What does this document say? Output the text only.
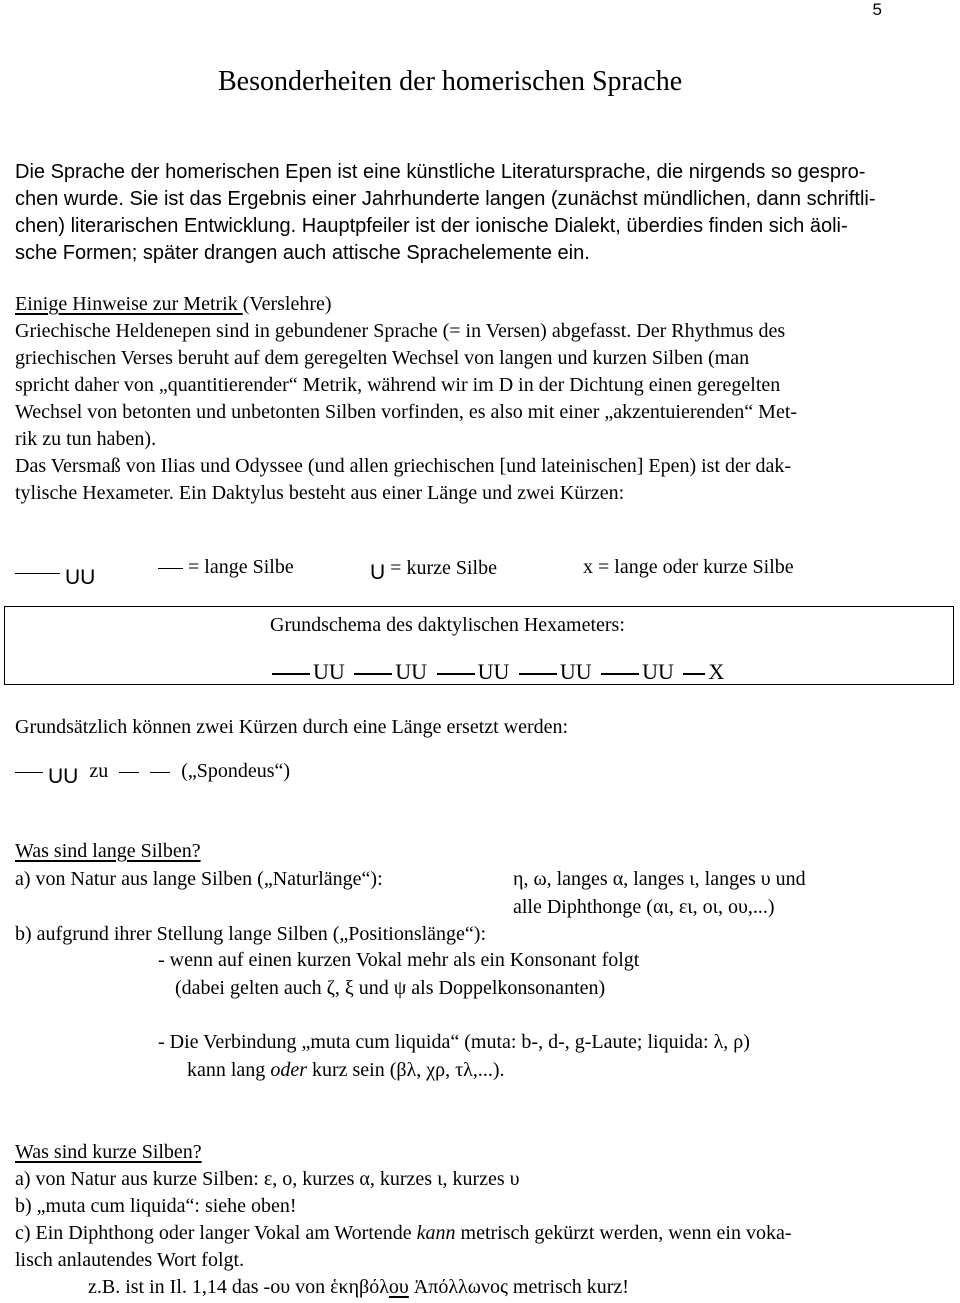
5
Besonderheiten der homerischen Sprache
Die Sprache der homerischen Epen ist eine künstliche Literatursprache, die nirgends so gespro-
chen wurde. Sie ist das Ergebnis einer Jahrhunderte langen (zunächst mündlichen, dann schriftli-
chen) literarischen Entwicklung. Hauptpfeiler ist der ionische Dialekt, überdies finden sich äoli-
sche Formen; später drangen auch attische Sprachelemente ein.
Einige Hinweise zur Metrik (Verslehre)
Griechische Heldenepen sind in gebundener Sprache (= in Versen) abgefasst. Der Rhythmus des
griechischen Verses beruht auf dem geregelten Wechsel von langen und kurzen Silben (man
spricht daher von „quantitierender“ Metrik, während wir im D in der Dichtung einen geregelten
Wechsel von betonten und unbetonten Silben vorfinden, es also mit einer „akzentuierenden“ Met-
rik zu tun haben).
Das Versmaß von Ilias und Odyssee (und allen griechischen [und lateinischen] Epen) ist der dak-
tylische Hexameter. Ein Daktylus besteht aus einer Länge und zwei Kürzen:
UU	= lange Silbe	U = kurze Silbe	x = lange oder kurze Silbe
Grundschema des daktylischen Hexameters:
UU UU UU UU UU X
Grundsätzlich können zwei Kürzen durch eine Länge ersetzt werden:
UU zu	(„Spondeus“)
Was sind lange Silben?
a) von Natur aus lange Silben („Naturlänge“):	η, ω, langes α, langes ι, langes υ und
alle Diphthonge (αι, ει, οι, ου,...)
b) aufgrund ihrer Stellung lange Silben („Positionslänge“):
- wenn auf einen kurzen Vokal mehr als ein Konsonant folgt
(dabei gelten auch ζ, ξ und ψ als Doppelkonsonanten)
- Die Verbindung „muta cum liquida“ (muta: b-, d-, g-Laute; liquida: λ, ρ)
kann lang oder kurz sein (βλ, χρ, τλ,...).
Was sind kurze Silben?
a) von Natur aus kurze Silben: ε, ο, kurzes α, kurzes ι, kurzes υ
b) „muta cum liquida“: siehe oben!
c) Ein Diphthong oder langer Vokal am Wortende kann metrisch gekürzt werden, wenn ein voka-
lisch anlautendes Wort folgt.
z.B. ist in Il. 1,14 das -ου von ἑκηβόλου Ἀπόλλωνος metrisch kurz!
